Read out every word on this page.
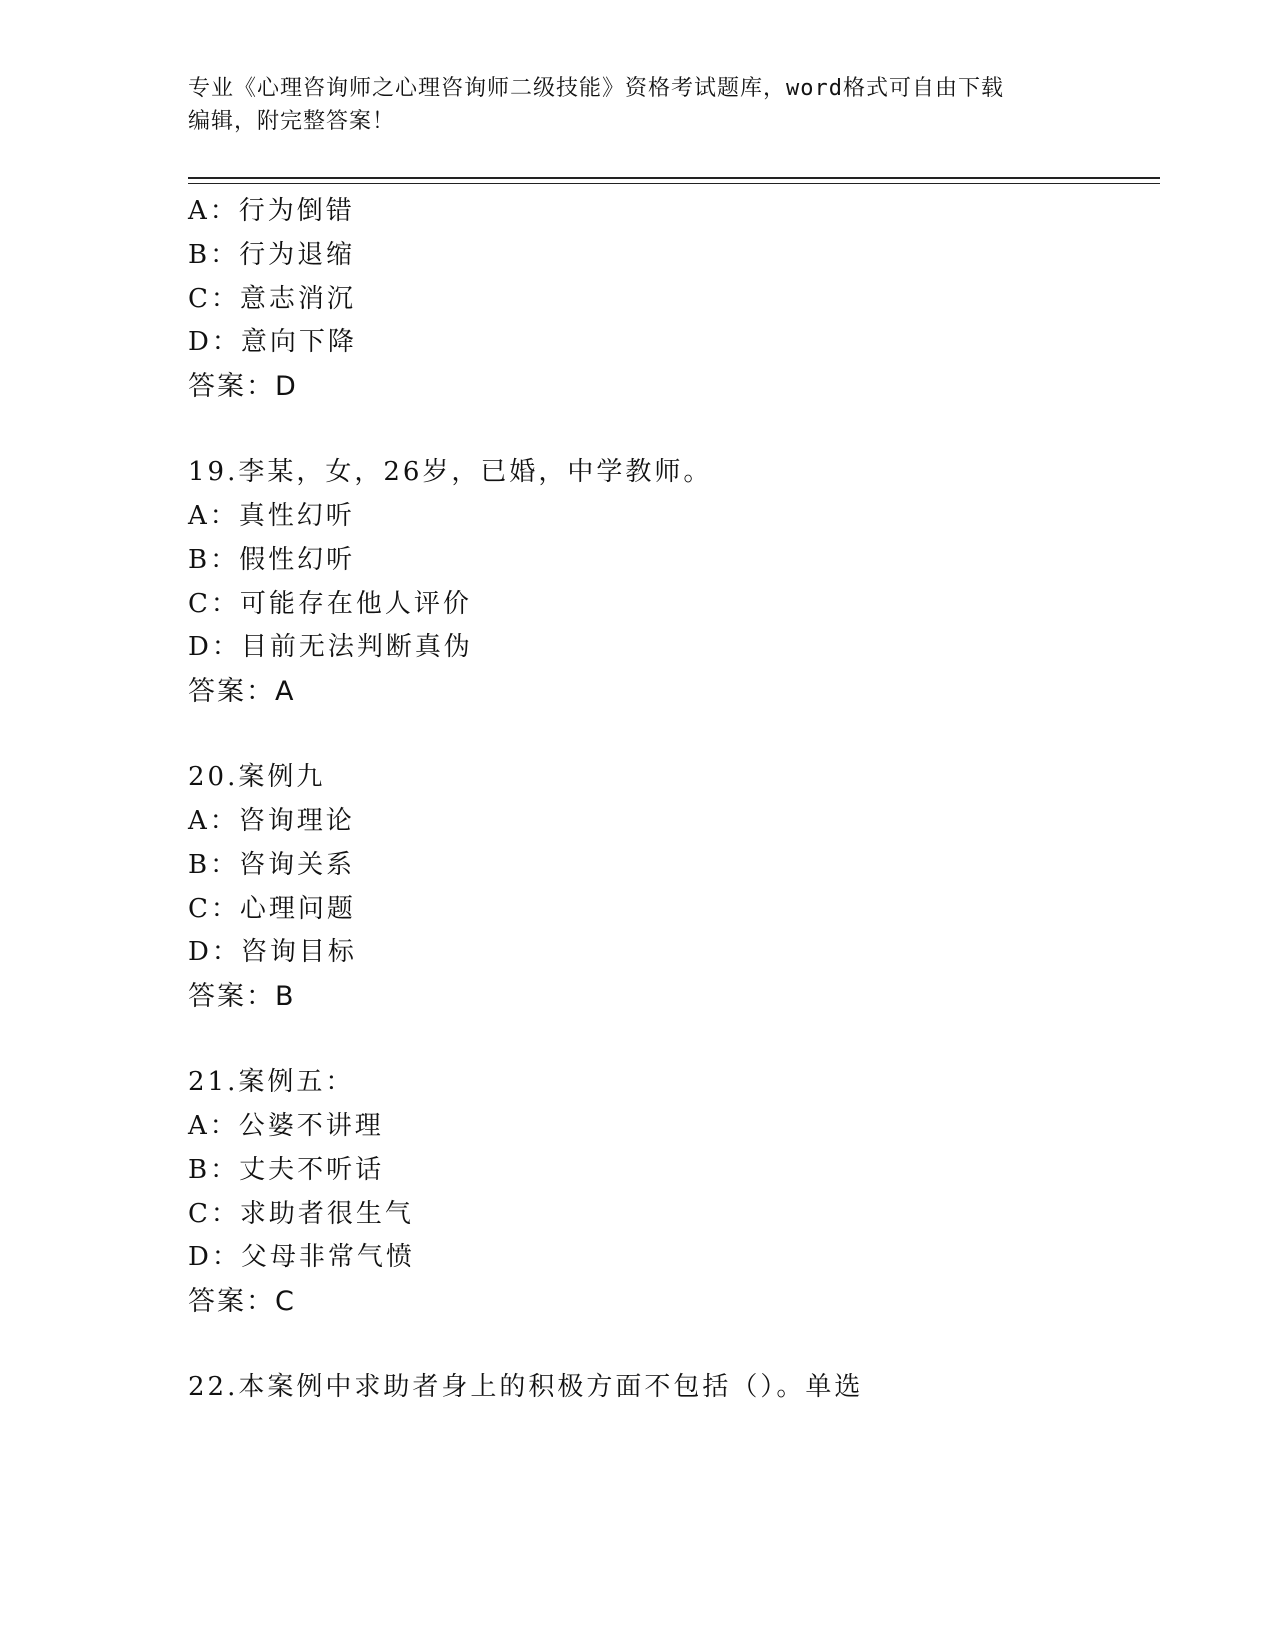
专业《心理咨询师之心理咨询师二级技能》资格考试题库，word格式可自由下载
编辑，附完整答案！
A：行为倒错
B：行为退缩
C：意志消沉
D：意向下降
答案：D
19.李某，女，26岁，已婚，中学教师。
A：真性幻听
B：假性幻听
C：可能存在他人评价
D：目前无法判断真伪
答案：A
20.案例九
A：咨询理论
B：咨询关系
C：心理问题
D：咨询目标
答案：B
21.案例五：
A：公婆不讲理
B：丈夫不听话
C：求助者很生气
D：父母非常气愤
答案：C
22.本案例中求助者身上的积极方面不包括（）。单选
